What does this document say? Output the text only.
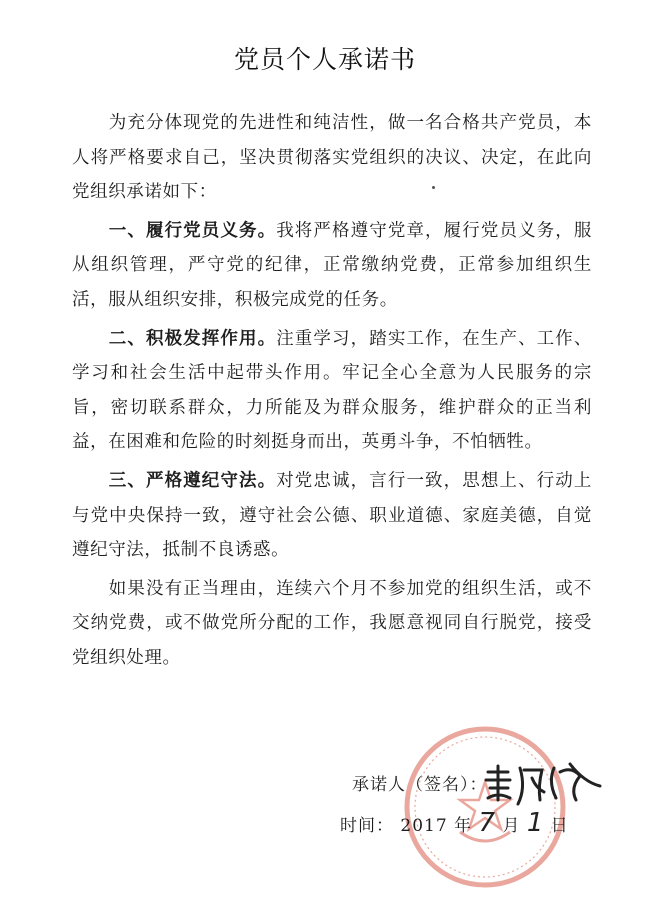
党员个人承诺书

为充分体现党的先进性和纯洁性，做一名合格共产党员，本人将严格要求自己，坚决贯彻落实党组织的决议、决定，在此向党组织承诺如下：

一、履行党员义务。我将严格遵守党章，履行党员义务，服从组织管理，严守党的纪律，正常缴纳党费，正常参加组织生活，服从组织安排，积极完成党的任务。

二、积极发挥作用。注重学习，踏实工作，在生产、工作、学习和社会生活中起带头作用。牢记全心全意为人民服务的宗旨，密切联系群众，力所能及为群众服务，维护群众的正当利益，在困难和危险的时刻挺身而出，英勇斗争，不怕牺牲。

三、严格遵纪守法。对党忠诚，言行一致，思想上、行动上与党中央保持一致，遵守社会公德、职业道德、家庭美德，自觉遵纪守法，抵制不良诱惑。

如果没有正当理由，连续六个月不参加党的组织生活，或不交纳党费，或不做党所分配的工作，我愿意视同自行脱党，接受党组织处理。

承诺人（签名）：
时间： 2017 年 7 月 1 日
